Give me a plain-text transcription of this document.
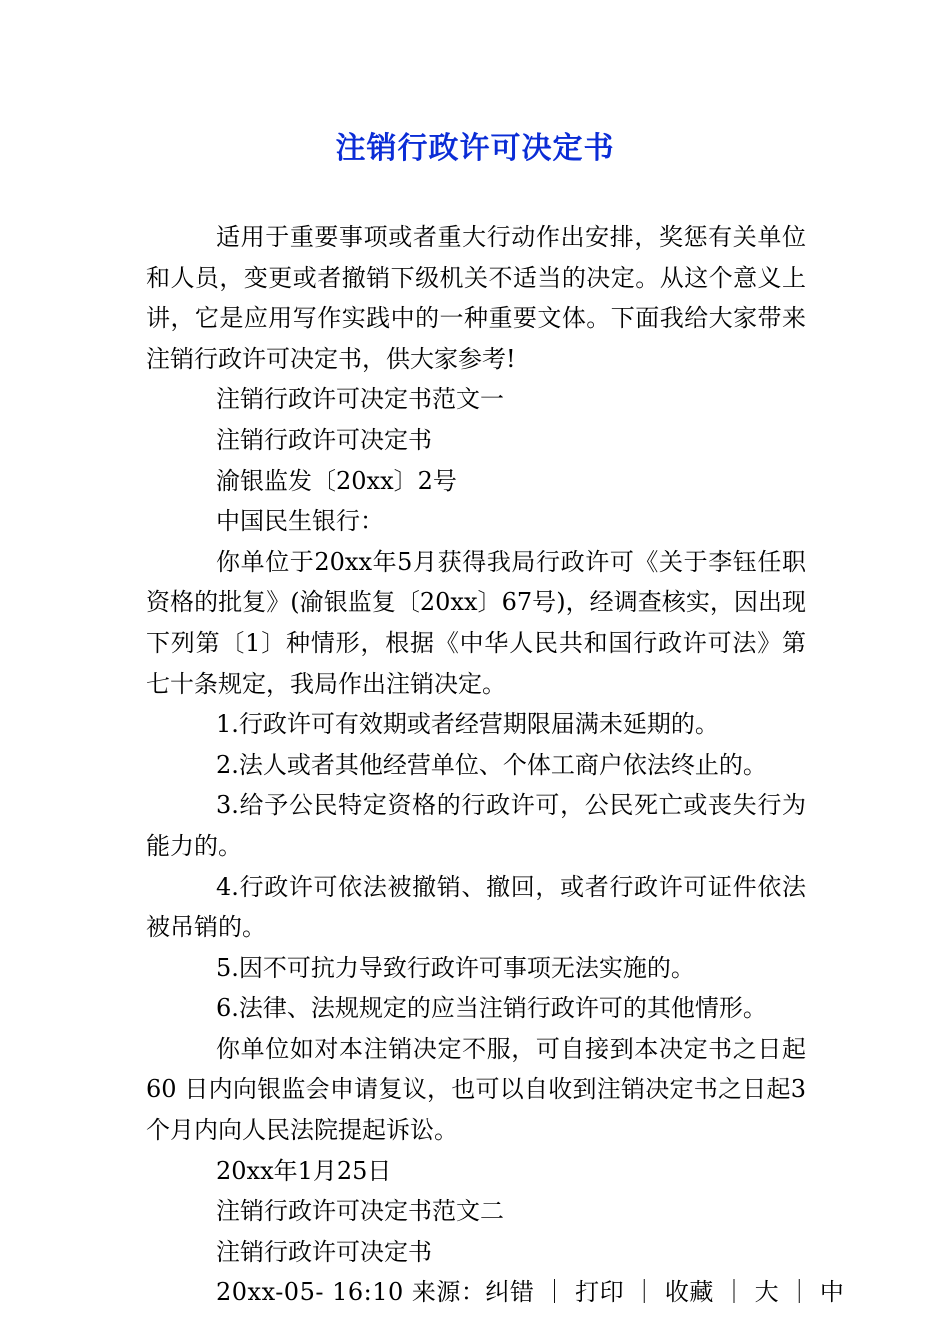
注销行政许可决定书

适用于重要事项或者重大行动作出安排，奖惩有关单位和人员，变更或者撤销下级机关不适当的决定。从这个意义上讲，它是应用写作实践中的一种重要文体。下面我给大家带来注销行政许可决定书，供大家参考!

注销行政许可决定书范文一

注销行政许可决定书

渝银监发〔20xx〕2号

中国民生银行：

你单位于20xx年5月获得我局行政许可《关于李钰任职资格的批复》(渝银监复〔20xx〕67号)，经调查核实，因出现下列第〔1〕种情形，根据《中华人民共和国行政许可法》第七十条规定，我局作出注销决定。

1.行政许可有效期或者经营期限届满未延期的。

2.法人或者其他经营单位、个体工商户依法终止的。

3.给予公民特定资格的行政许可，公民死亡或丧失行为能力的。

4.行政许可依法被撤销、撤回，或者行政许可证件依法被吊销的。

5.因不可抗力导致行政许可事项无法实施的。

6.法律、法规规定的应当注销行政许可的其他情形。

你单位如对本注销决定不服，可自接到本决定书之日起60 日内向银监会申请复议，也可以自收到注销决定书之日起3个月内向人民法院提起诉讼。

20xx年1月25日

注销行政许可决定书范文二

注销行政许可决定书

20xx-05- 16:10 来源：纠错 ｜ 打印 ｜ 收藏 ｜ 大 ｜ 中
